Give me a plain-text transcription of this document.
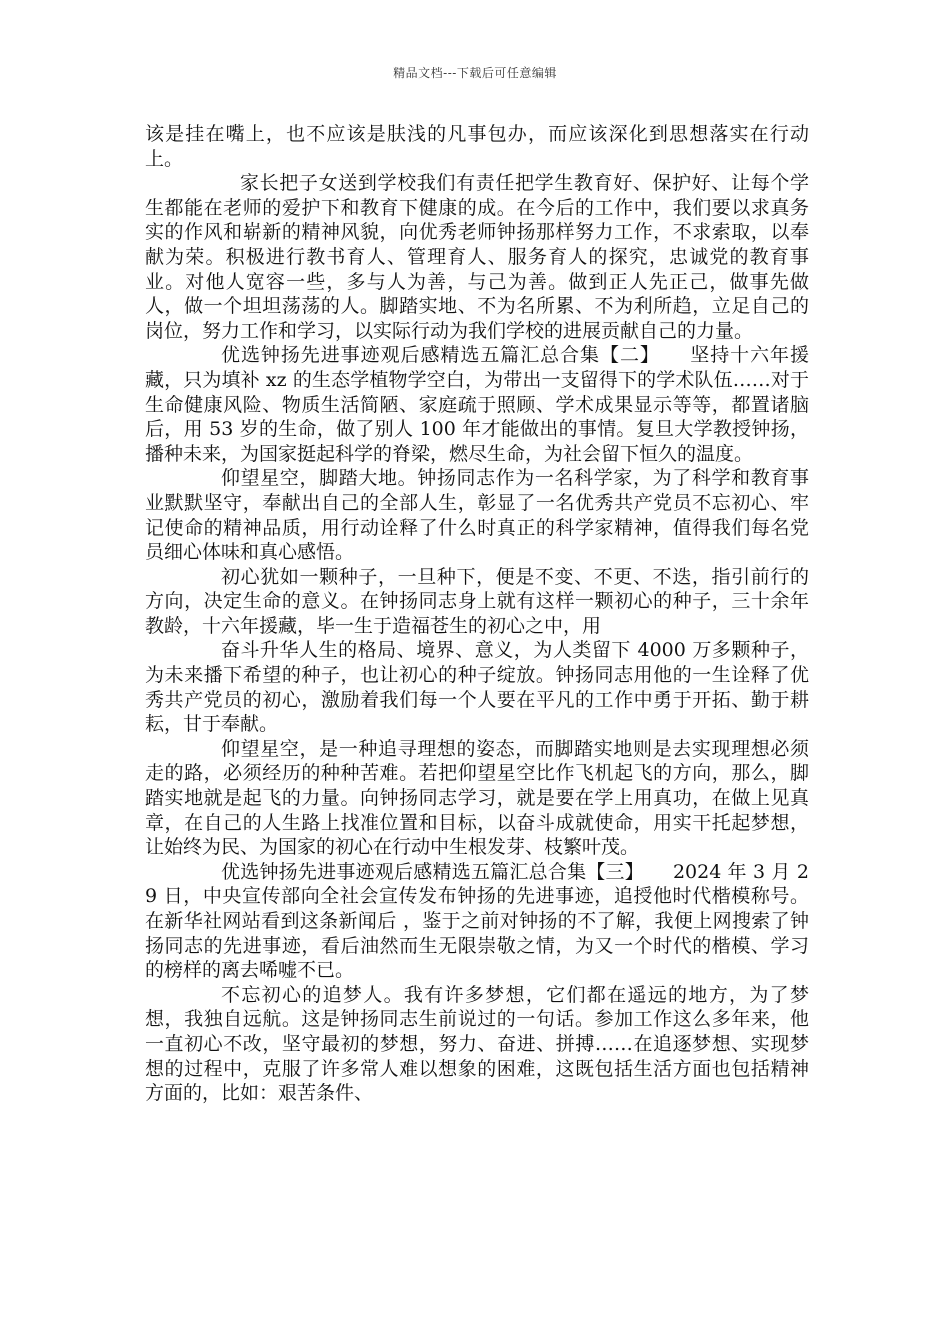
精品文档---下载后可任意编辑

该是挂在嘴上，也不应该是肤浅的凡事包办，而应该深化到思想落实在行动上。

家长把子女送到学校我们有责任把学生教育好、保护好、让每个学生都能在老师的爱护下和教育下健康的成。在今后的工作中，我们要以求真务实的作风和崭新的精神风貌，向优秀老师钟扬那样努力工作，不求索取，以奉献为荣。积极进行教书育人、管理育人、服务育人的探究，忠诚党的教育事业。对他人宽容一些，多与人为善，与己为善。做到正人先正己，做事先做人，做一个坦坦荡荡的人。脚踏实地、不为名所累、不为利所趋，立足自己的岗位，努力工作和学习，以实际行动为我们学校的进展贡献自己的力量。

优选钟扬先进事迹观后感精选五篇汇总合集【二】　　坚持十六年援藏，只为填补 xz 的生态学植物学空白，为带出一支留得下的学术队伍……对于生命健康风险、物质生活简陋、家庭疏于照顾、学术成果显示等等，都置诸脑后，用 53 岁的生命，做了别人 100 年才能做出的事情。复旦大学教授钟扬，播种未来，为国家挺起科学的脊梁，燃尽生命，为社会留下恒久的温度。

仰望星空，脚踏大地。钟扬同志作为一名科学家，为了科学和教育事业默默坚守，奉献出自己的全部人生，彰显了一名优秀共产党员不忘初心、牢记使命的精神品质，用行动诠释了什么时真正的科学家精神，值得我们每名党员细心体味和真心感悟。

初心犹如一颗种子，一旦种下，便是不变、不更、不迭，指引前行的方向，决定生命的意义。在钟扬同志身上就有这样一颗初心的种子，三十余年教龄，十六年援藏，毕一生于造福苍生的初心之中，用

奋斗升华人生的格局、境界、意义，为人类留下 4000 万多颗种子，为未来播下希望的种子，也让初心的种子绽放。钟扬同志用他的一生诠释了优秀共产党员的初心，激励着我们每一个人要在平凡的工作中勇于开拓、勤于耕耘，甘于奉献。

仰望星空，是一种追寻理想的姿态，而脚踏实地则是去实现理想必须走的路，必须经历的种种苦难。若把仰望星空比作飞机起飞的方向，那么，脚踏实地就是起飞的力量。向钟扬同志学习，就是要在学上用真功，在做上见真章，在自己的人生路上找准位置和目标，以奋斗成就使命，用实干托起梦想，让始终为民、为国家的初心在行动中生根发芽、枝繁叶茂。

优选钟扬先进事迹观后感精选五篇汇总合集【三】　　2024 年 3 月 29 日，中央宣传部向全社会宣传发布钟扬的先进事迹，追授他时代楷模称号。在新华社网站看到这条新闻后 ，鉴于之前对钟扬的不了解，我便上网搜索了钟扬同志的先进事迹，看后油然而生无限崇敬之情，为又一个时代的楷模、学习的榜样的离去唏嘘不已。

不忘初心的追梦人。我有许多梦想，它们都在遥远的地方，为了梦想，我独自远航。这是钟扬同志生前说过的一句话。参加工作这么多年来，他一直初心不改，坚守最初的梦想，努力、奋进、拼搏……在追逐梦想、实现梦想的过程中，克服了许多常人难以想象的困难，这既包括生活方面也包括精神方面的，比如：艰苦条件、
